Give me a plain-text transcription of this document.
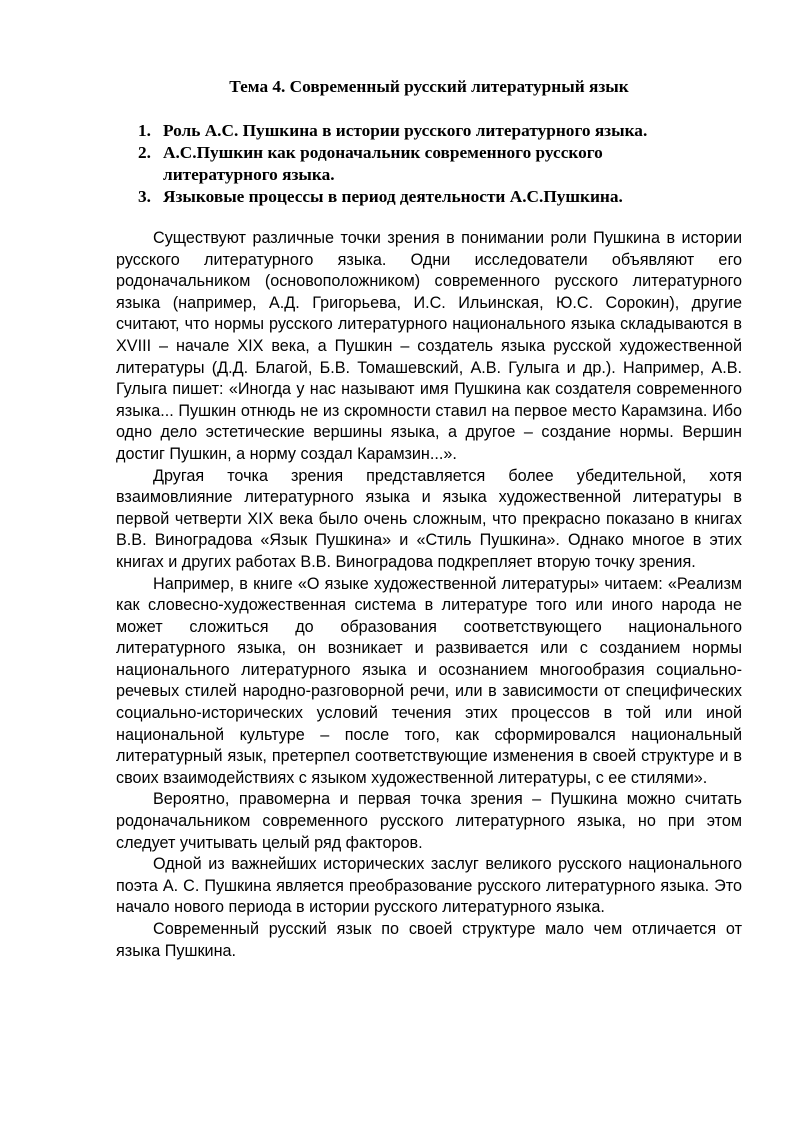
Тема 4. Современный русский литературный язык
1. Роль А.С. Пушкина в истории русского литературного языка.
2. А.С.Пушкин как родоначальник современного русского литературного языка.
3. Языковые процессы в период деятельности А.С.Пушкина.

Существуют различные точки зрения в понимании роли Пушкина в истории русского литературного языка. Одни исследователи объявляют его родоначальником (основоположником) современного русского литературного языка (например, А.Д. Григорьева, И.С. Ильинская, Ю.С. Сорокин), другие считают, что нормы русского литературного национального языка складываются в XVIII – начале XIX века, а Пушкин – создатель языка русской художественной литературы (Д.Д. Благой, Б.В. Томашевский, А.В. Гулыга и др.). Например, А.В. Гулыга пишет: «Иногда у нас называют имя Пушкина как создателя современного языка... Пушкин отнюдь не из скромности ставил на первое место Карамзина. Ибо одно дело эстетические вершины языка, а другое – создание нормы. Вершин достиг Пушкин, а норму создал Карамзин...».

Другая точка зрения представляется более убедительной, хотя взаимовлияние литературного языка и языка художественной литературы в первой четверти XIX века было очень сложным, что прекрасно показано в книгах В.В. Виноградова «Язык Пушкина» и «Стиль Пушкина». Однако многое в этих книгах и других работах В.В. Виноградова подкрепляет вторую точку зрения.

Например, в книге «О языке художественной литературы» читаем: «Реализм как словесно-художественная система в литературе того или иного народа не может сложиться до образования соответствующего национального литературного языка, он возникает и развивается или с созданием нормы национального литературного языка и осознанием многообразия социально-речевых стилей народно-разговорной речи, или в зависимости от специфических социально-исторических условий течения этих процессов в той или иной национальной культуре – после того, как сформировался национальный литературный язык, претерпел соответствующие изменения в своей структуре и в своих взаимодействиях с языком художественной литературы, с ее стилями».

Вероятно, правомерна и первая точка зрения – Пушкина можно считать родоначальником современного русского литературного языка, но при этом следует учитывать целый ряд факторов.

Одной из важнейших исторических заслуг великого русского национального поэта А. С. Пушкина является преобразование русского литературного языка. Это начало нового периода в истории русского литературного языка.

Современный русский язык по своей структуре мало чем отличается от языка Пушкина.
